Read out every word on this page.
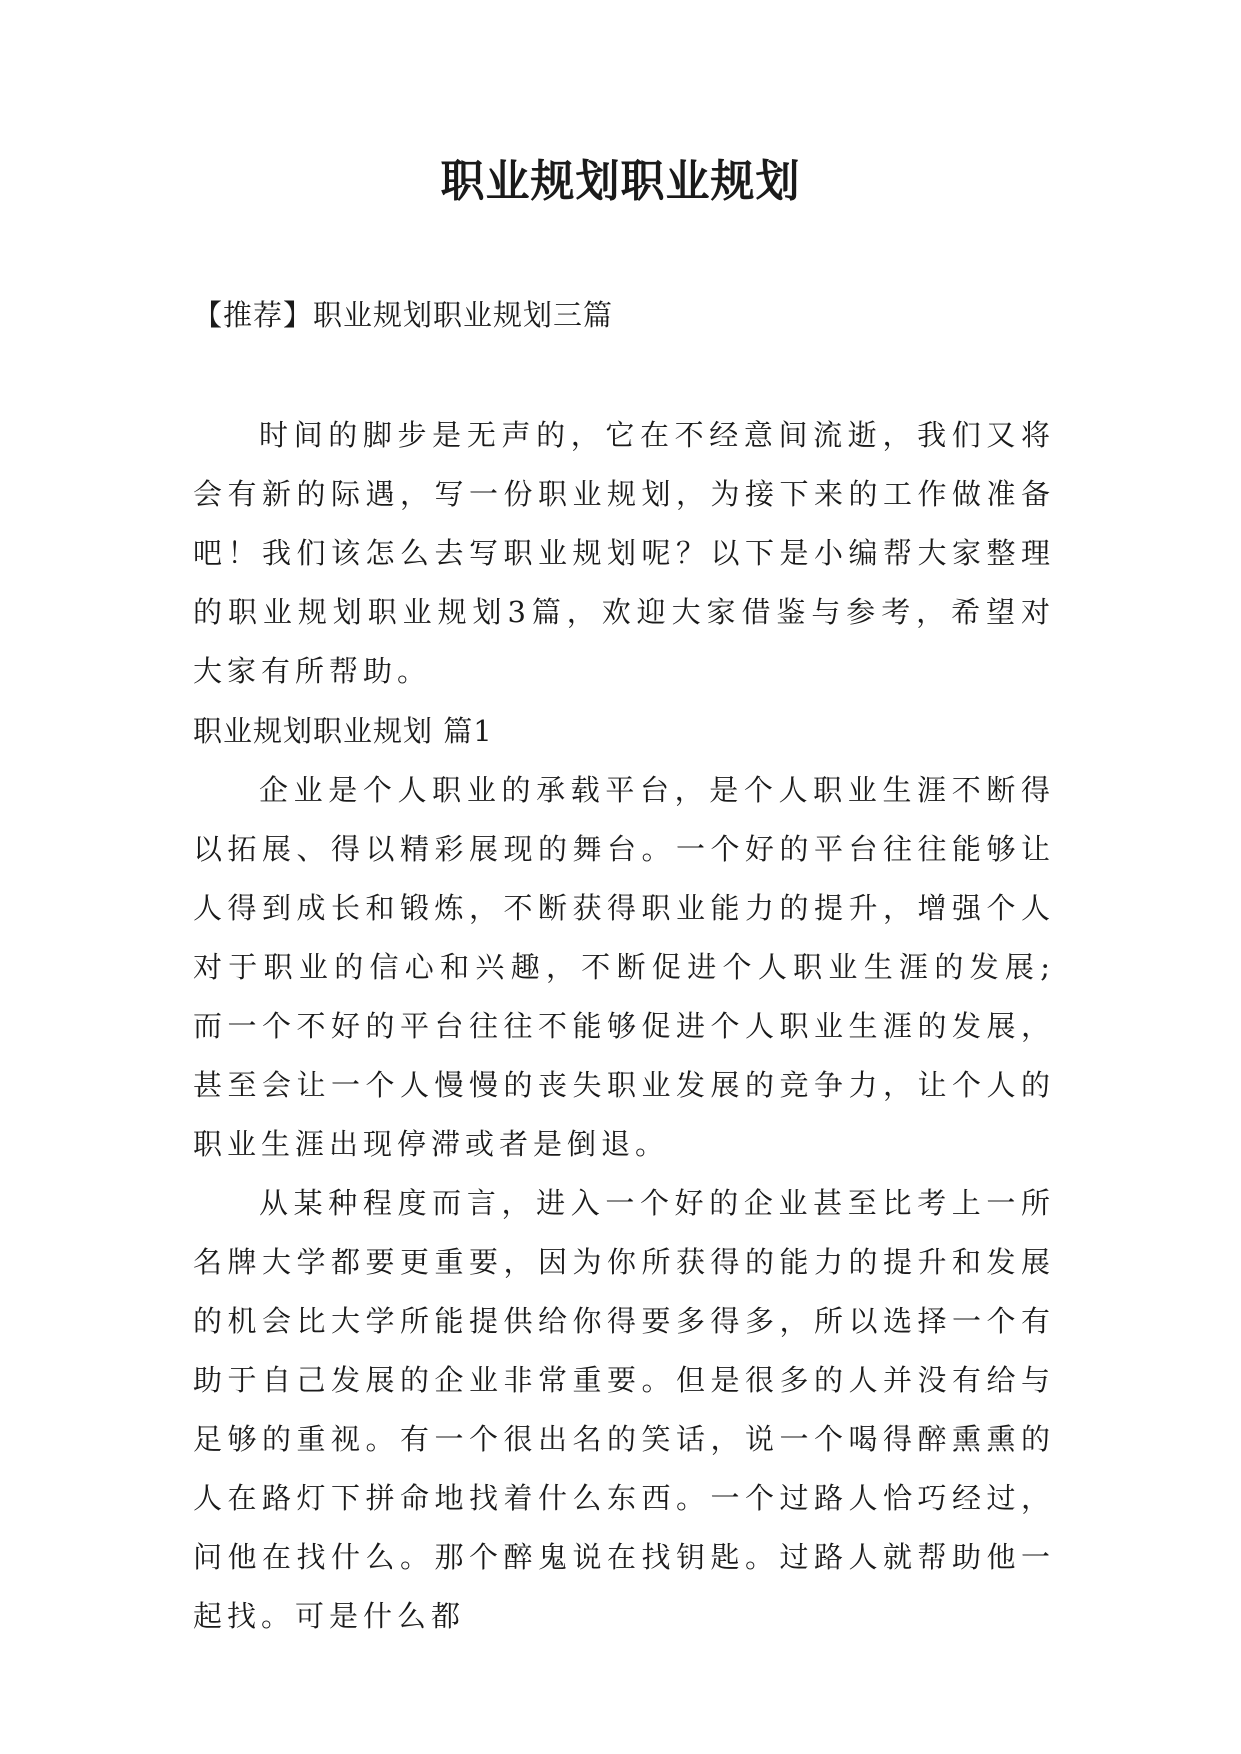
职业规划职业规划

【推荐】职业规划职业规划三篇

时间的脚步是无声的，它在不经意间流逝，我们又将会有新的际遇，写一份职业规划，为接下来的工作做准备吧！我们该怎么去写职业规划呢？以下是小编帮大家整理的职业规划职业规划3篇，欢迎大家借鉴与参考，希望对大家有所帮助。

职业规划职业规划 篇1

企业是个人职业的承载平台，是个人职业生涯不断得以拓展、得以精彩展现的舞台。一个好的平台往往能够让人得到成长和锻炼，不断获得职业能力的提升，增强个人对于职业的信心和兴趣，不断促进个人职业生涯的发展;而一个不好的平台往往不能够促进个人职业生涯的发展，甚至会让一个人慢慢的丧失职业发展的竞争力，让个人的职业生涯出现停滞或者是倒退。

从某种程度而言，进入一个好的企业甚至比考上一所名牌大学都要更重要，因为你所获得的能力的提升和发展的机会比大学所能提供给你得要多得多，所以选择一个有助于自己发展的企业非常重要。但是很多的人并没有给与足够的重视。有一个很出名的笑话，说一个喝得醉熏熏的人在路灯下拼命地找着什么东西。一个过路人恰巧经过，问他在找什么。那个醉鬼说在找钥匙。过路人就帮助他一起找。可是什么都
